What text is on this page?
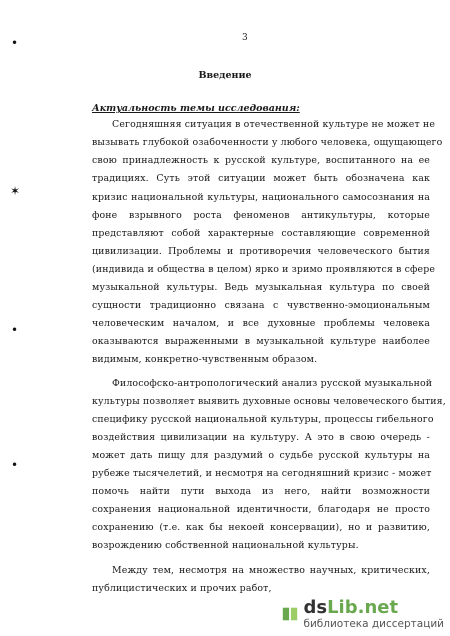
3
Введение
Актуальность темы исследования:
Сегодняшняя ситуация в отечественной культуре не может не
вызывать глубокой озабоченности у любого человека, ощущающего
свою принадлежность к русской культуре, воспитанного на ее
традициях. Суть этой ситуации может быть обозначена как
кризис национальной культуры, национального самосознания на
фоне взрывного роста феноменов антикультуры, которые
представляют собой характерные составляющие современной
цивилизации. Проблемы и противоречия человеческого бытия
(индивида и общества в целом) ярко и зримо проявляются в сфере
музыкальной культуры. Ведь музыкальная культура по своей
сущности традиционно связана с чувственно-эмоциональным
человеческим началом, и все духовные проблемы человека
оказываются выраженными в музыкальной культуре наиболее
видимым, конкретно-чувственным образом.
Философско-антропологический анализ русской музыкальной
культуры позволяет выявить духовные основы человеческого бытия,
специфику русской национальной культуры, процессы гибельного
воздействия цивилизации на культуру. А это в свою очередь -
может дать пищу для раздумий о судьбе русской культуры на
рубеже тысячелетий, и несмотря на сегодняшний кризис - может
помочь найти пути выхода из него, найти возможности
сохранения национальной идентичности, благодаря не просто
сохранению (т.е. как бы некоей консервации), но и развитию,
возрождению собственной национальной культуры.
Между тем, несмотря на множество научных, критических,
публицистических и прочих работ,
•
✶
•
•
dsLib.net
библиотека диссертаций
